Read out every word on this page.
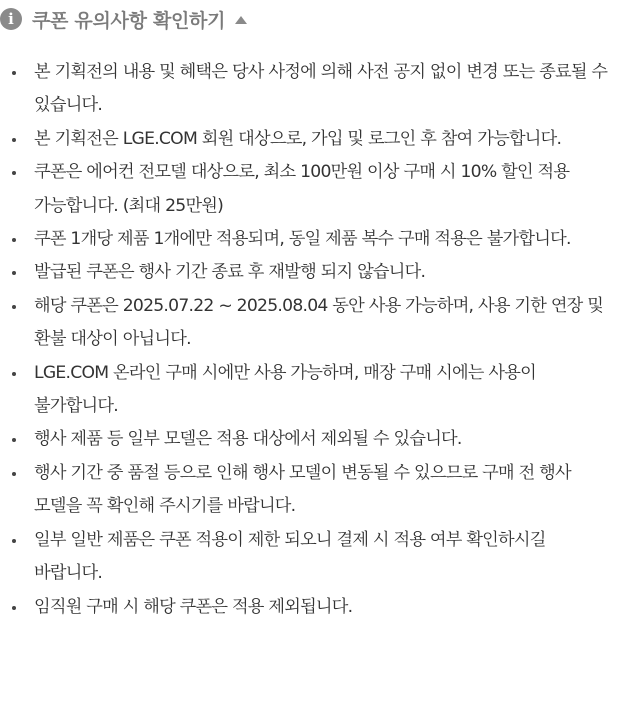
i 쿠폰 유의사항 확인하기
본 기획전의 내용 및 혜택은 당사 사정에 의해 사전 공지 없이 변경 또는 종료될 수 있습니다.
본 기획전은 LGE.COM 회원 대상으로, 가입 및 로그인 후 참여 가능합니다.
쿠폰은 에어컨 전모델 대상으로, 최소 100만원 이상 구매 시 10% 할인 적용 가능합니다. (최대 25만원)
쿠폰 1개당 제품 1개에만 적용되며, 동일 제품 복수 구매 적용은 불가합니다.
발급된 쿠폰은 행사 기간 종료 후 재발행 되지 않습니다.
해당 쿠폰은 2025.07.22 ~ 2025.08.04 동안 사용 가능하며, 사용 기한 연장 및 환불 대상이 아닙니다.
LGE.COM 온라인 구매 시에만 사용 가능하며, 매장 구매 시에는 사용이 불가합니다.
행사 제품 등 일부 모델은 적용 대상에서 제외될 수 있습니다.
행사 기간 중 품절 등으로 인해 행사 모델이 변동될 수 있으므로 구매 전 행사 모델을 꼭 확인해 주시기를 바랍니다.
일부 일반 제품은 쿠폰 적용이 제한 되오니 결제 시 적용 여부 확인하시길 바랍니다.
임직원 구매 시 해당 쿠폰은 적용 제외됩니다.
